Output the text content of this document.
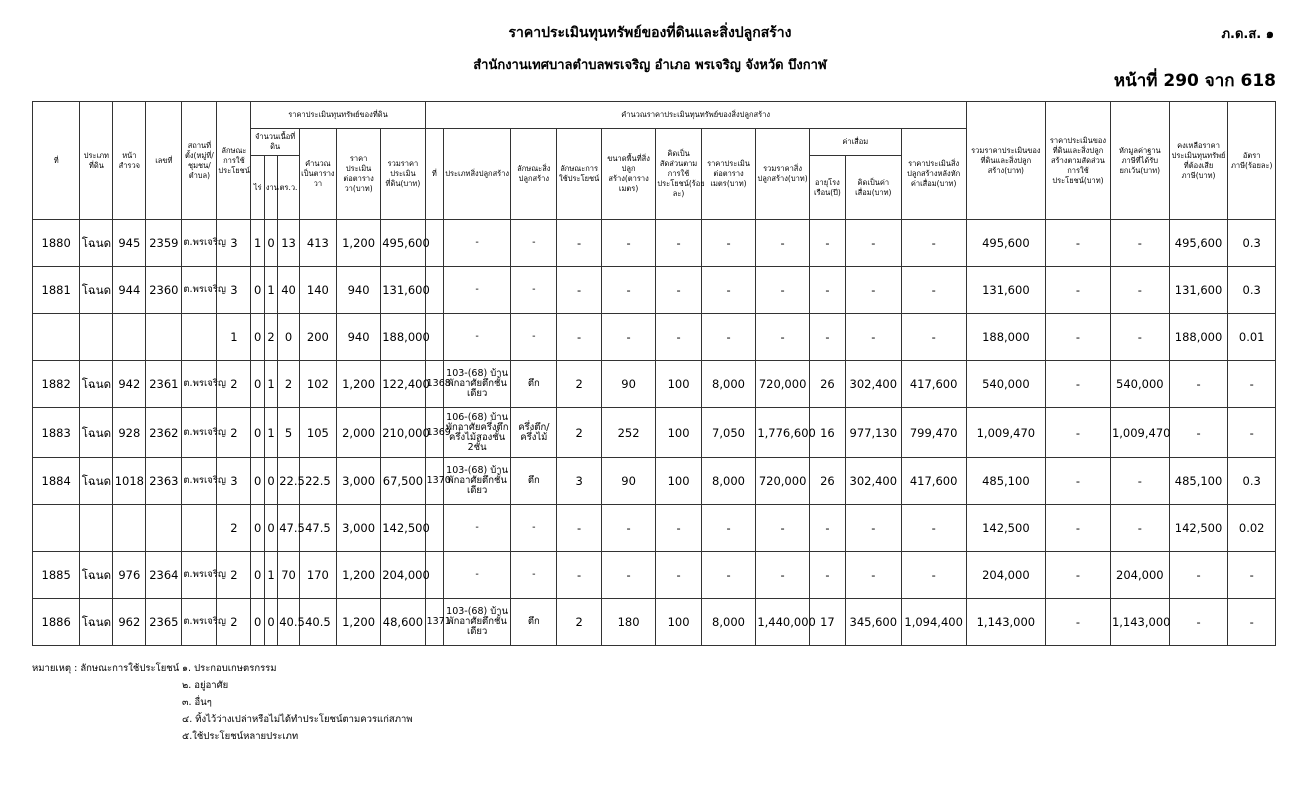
ราคาประเมินทุนทรัพย์ของที่ดินและสิ่งปลูกสร้าง
สำนักงานเทศบาลตำบลพรเจริญ อำเภอ พรเจริญ จังหวัด บึงกาฬ
ภ.ด.ส. ๑
หน้าที่ 290 จาก 618
ที่	ประเภทที่ดิน	หน้าสำรวจ	เลขที่	สถานที่ตั้ง(หมู่ที่/ชุมชน/ตำบล)	ลักษณะการใช้ประโยชน์	ราคาประเมินทุนทรัพย์ของที่ดิน						คำนวณราคาประเมินทุนทรัพย์ของสิ่งปลูกสร้าง											รวมราคาประเมินของที่ดินและสิ่งปลูกสร้าง(บาท)	ราคาประเมินของที่ดินและสิ่งปลูกสร้างตามสัดส่วนการใช้ประโยชน์(บาท)	หักมูลค่าฐานภาษีที่ได้รับยกเว้น(บาท)	คงเหลือราคาประเมินทุนทรัพย์ที่ต้องเสียภาษี(บาท)	อัตราภาษี(ร้อยละ)
						จำนวนเนื้อที่ดิน			คำนวณเป็นตารางวา	ราคาประเมินต่อตารางวา(บาท)	รวมราคาประเมินที่ดิน(บาท)	ที่	ประเภทสิ่งปลูกสร้าง	ลักษณะสิ่งปลูกสร้าง	ลักษณะการใช้ประโยชน์	ขนาดพื้นที่สิ่งปลูกสร้าง(ตารางเมตร)	คิดเป็นสัดส่วนตามการใช้ประโยชน์(ร้อยละ)	ราคาประเมินต่อตารางเมตร(บาท)	รวมราคาสิ่งปลูกสร้าง(บาท)	ค่าเสื่อม		ราคาประเมินสิ่งปลูกสร้างหลังหักค่าเสื่อม(บาท)					
						ไร่	งาน	ตร.ว.												อายุโรงเรือน(ปี)	คิดเป็นค่าเสื่อม(บาท)						
1880	โฉนด	945	2359	ต.พรเจริญ	3	1	0	13	413	1,200	495,600		-	-	-	-	-	-	-	-	-	-	495,600	-	-	495,600	0.3
1881	โฉนด	944	2360	ต.พรเจริญ	3	0	1	40	140	940	131,600		-	-	-	-	-	-	-	-	-	-	131,600	-	-	131,600	0.3
					1	0	2	0	200	940	188,000		-	-	-	-	-	-	-	-	-	-	188,000	-	-	188,000	0.01
1882	โฉนด	942	2361	ต.พรเจริญ	2	0	1	2	102	1,200	122,400	1368	103-(68) บ้านพักอาศัยตึกชั้นเดียว	ตึก	2	90	100	8,000	720,000	26	302,400	417,600	540,000	-	540,000	-	-
1883	โฉนด	928	2362	ต.พรเจริญ	2	0	1	5	105	2,000	210,000	1369	106-(68) บ้านพักอาศัยครึ่งตึกครึ่งไม้สองชั้น 2ชั้น	ครึ่งตึก/ครึ่งไม้	2	252	100	7,050	1,776,600	16	977,130	799,470	1,009,470	-	1,009,470	-	-
1884	โฉนด	1018	2363	ต.พรเจริญ	3	0	0	22.5	22.5	3,000	67,500	1370	103-(68) บ้านพักอาศัยตึกชั้นเดียว	ตึก	3	90	100	8,000	720,000	26	302,400	417,600	485,100	-	-	485,100	0.3
					2	0	0	47.5	47.5	3,000	142,500		-	-	-	-	-	-	-	-	-	-	142,500	-	-	142,500	0.02
1885	โฉนด	976	2364	ต.พรเจริญ	2	0	1	70	170	1,200	204,000		-	-	-	-	-	-	-	-	-	-	204,000	-	204,000	-	-
1886	โฉนด	962	2365	ต.พรเจริญ	2	0	0	40.5	40.5	1,200	48,600	1371	103-(68) บ้านพักอาศัยตึกชั้นเดียว	ตึก	2	180	100	8,000	1,440,000	17	345,600	1,094,400	1,143,000	-	1,143,000	-	-
หมายเหตุ : ลักษณะการใช้ประโยชน์ ๑. ประกอบเกษตรกรรม
๒. อยู่อาศัย
๓. อื่นๆ
๔. ทิ้งไว้ว่างเปล่าหรือไม่ได้ทำประโยชน์ตามควรแก่สภาพ
๕.ใช้ประโยชน์หลายประเภท
